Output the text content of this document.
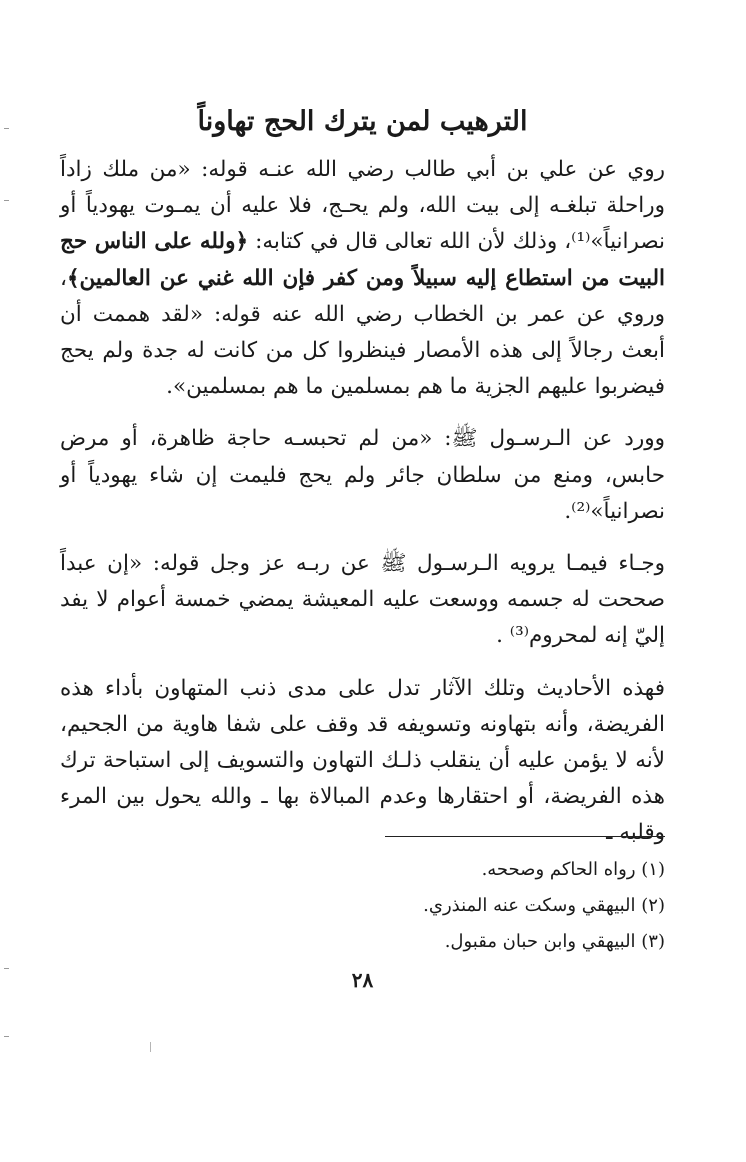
الترهيب لمن يترك الحج تهاوناً

روي عن علي بن أبي طالب رضي الله عنـه قوله: «من ملك زاداً وراحلة تبلغـه إلى بيت الله، ولم يحـج، فلا عليه أن يمـوت يهودياً أو نصرانياً»⁽¹⁾، وذلك لأن الله تعالى قال في كتابه: ﴿ولله على الناس حج البيت من استطاع إليه سبيلاً ومن كفر فإن الله غني عن العالمين﴾، وروي عن عمر بن الخطاب رضي الله عنه قوله: «لقد هممت أن أبعث رجالاً إلى هذه الأمصار فينظروا كل من كانت له جدة ولم يحج فيضربوا عليهم الجزية ما هم بمسلمين ما هم بمسلمين».

وورد عن الـرسـول ﷺ: «من لم تحبسـه حاجة ظاهرة، أو مرض حابس، ومنع من سلطان جائر ولم يحج فليمت إن شاء يهودياً أو نصرانياً»⁽²⁾.

وجـاء فيمـا يرويه الـرسـول ﷺ عن ربـه عز وجل قوله: «إن عبداً صححت له جسمه ووسعت عليه المعيشة يمضي خمسة أعوام لا يفد إليّ إنه لمحروم⁽³⁾ .

فهذه الأحاديث وتلك الآثار تدل على مدى ذنب المتهاون بأداء هذه الفريضة، وأنه بتهاونه وتسويفه قد وقف على شفا هاوية من الجحيم، لأنه لا يؤمن عليه أن ينقلب ذلـك التهاون والتسويف إلى استباحة ترك هذه الفريضة، أو احتقارها وعدم المبالاة بها ـ والله يحول بين المرء وقلبه ـ

(١) رواه الحاكم وصححه.
(٢) البيهقي وسكت عنه المنذري.
(٣) البيهقي وابن حبان مقبول.
٢٨
